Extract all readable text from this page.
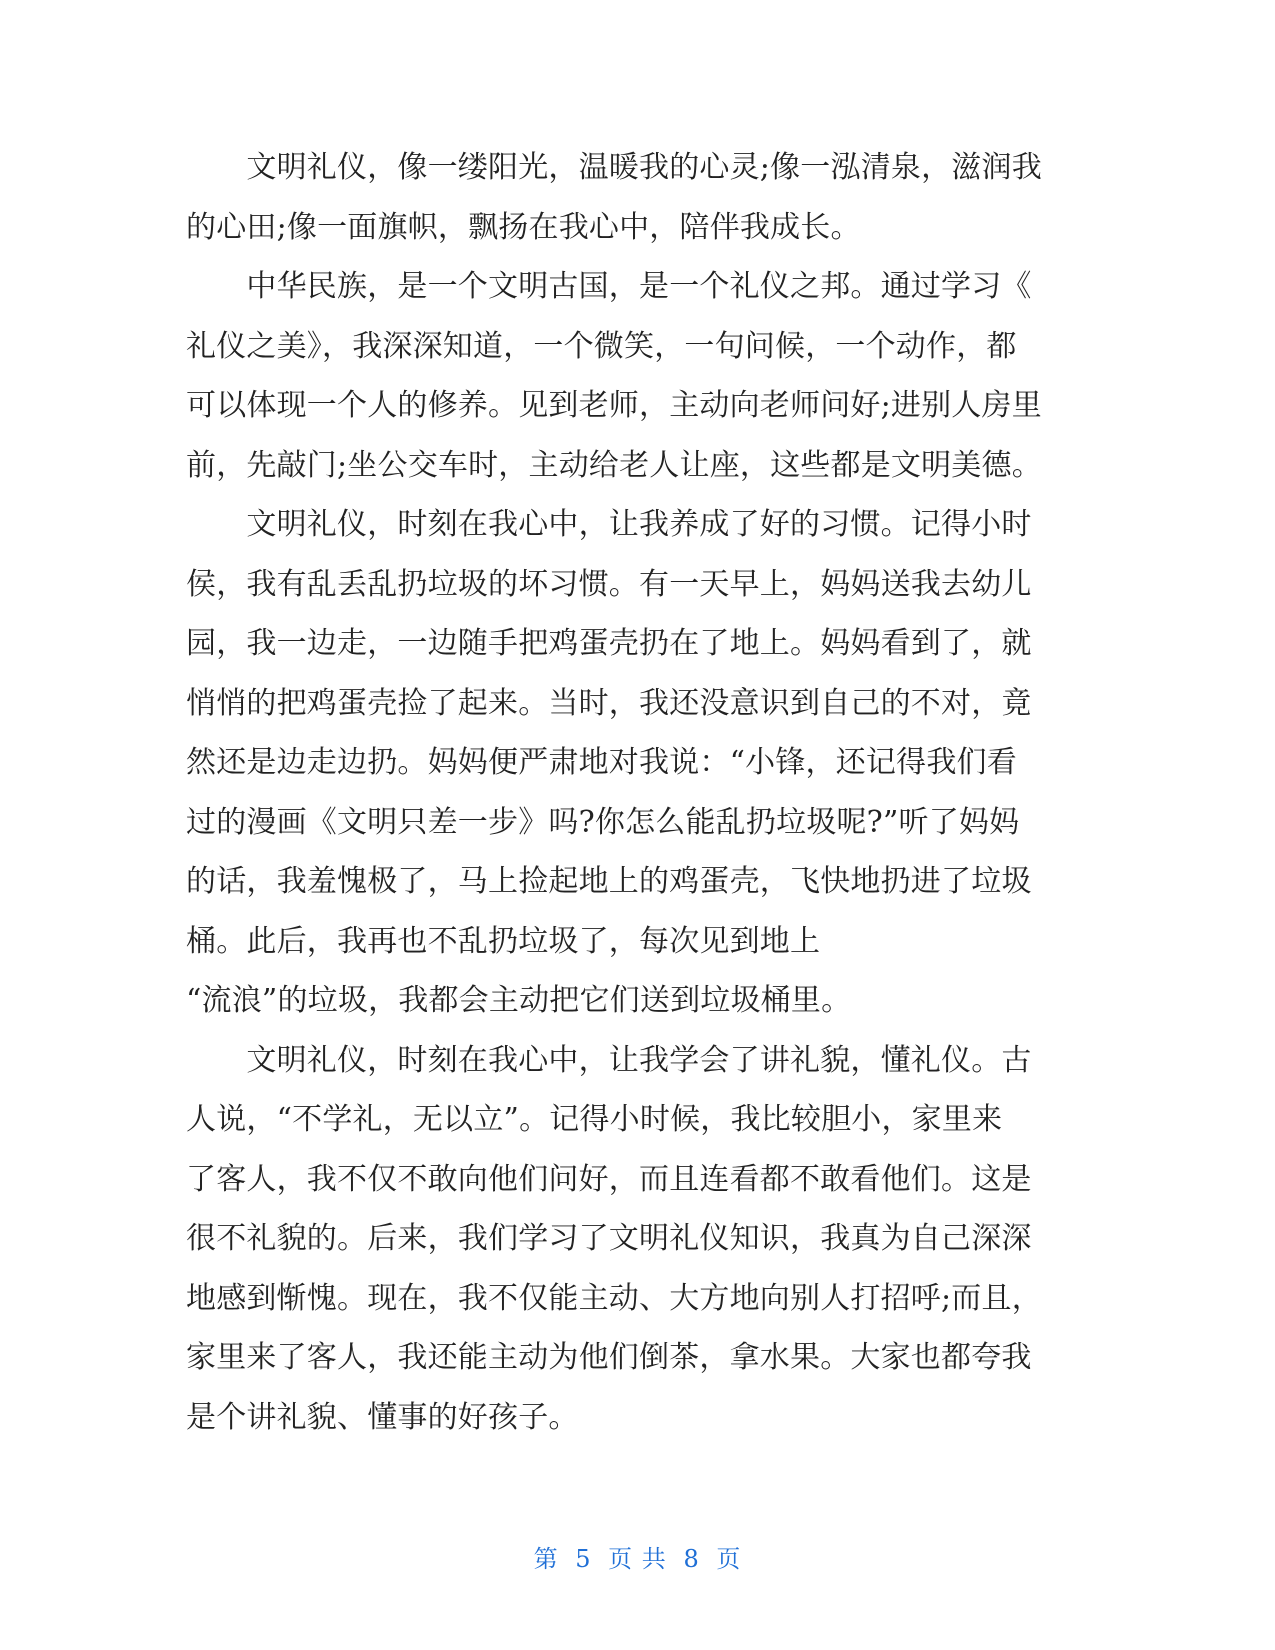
　　文明礼仪，像一缕阳光，温暖我的心灵;像一泓清泉，滋润我
的心田;像一面旗帜，飘扬在我心中，陪伴我成长。

　　中华民族，是一个文明古国，是一个礼仪之邦。通过学习《
礼仪之美》，我深深知道，一个微笑，一句问候，一个动作，都
可以体现一个人的修养。见到老师，主动向老师问好;进别人房里
前，先敲门;坐公交车时，主动给老人让座，这些都是文明美德。

　　文明礼仪，时刻在我心中，让我养成了好的习惯。记得小时
侯，我有乱丢乱扔垃圾的坏习惯。有一天早上，妈妈送我去幼儿
园，我一边走，一边随手把鸡蛋壳扔在了地上。妈妈看到了，就
悄悄的把鸡蛋壳捡了起来。当时，我还没意识到自己的不对，竟
然还是边走边扔。妈妈便严肃地对我说：“小锋，还记得我们看
过的漫画《文明只差一步》吗?你怎么能乱扔垃圾呢?”听了妈妈
的话，我羞愧极了，马上捡起地上的鸡蛋壳，飞快地扔进了垃圾
桶。此后，我再也不乱扔垃圾了，每次见到地上
“流浪”的垃圾，我都会主动把它们送到垃圾桶里。

　　文明礼仪，时刻在我心中，让我学会了讲礼貌，懂礼仪。古
人说，“不学礼，无以立”。记得小时候，我比较胆小，家里来
了客人，我不仅不敢向他们问好，而且连看都不敢看他们。这是
很不礼貌的。后来，我们学习了文明礼仪知识，我真为自己深深
地感到惭愧。现在，我不仅能主动、大方地向别人打招呼;而且，
家里来了客人，我还能主动为他们倒茶，拿水果。大家也都夸我
是个讲礼貌、懂事的好孩子。

第 5 页 共 8 页
